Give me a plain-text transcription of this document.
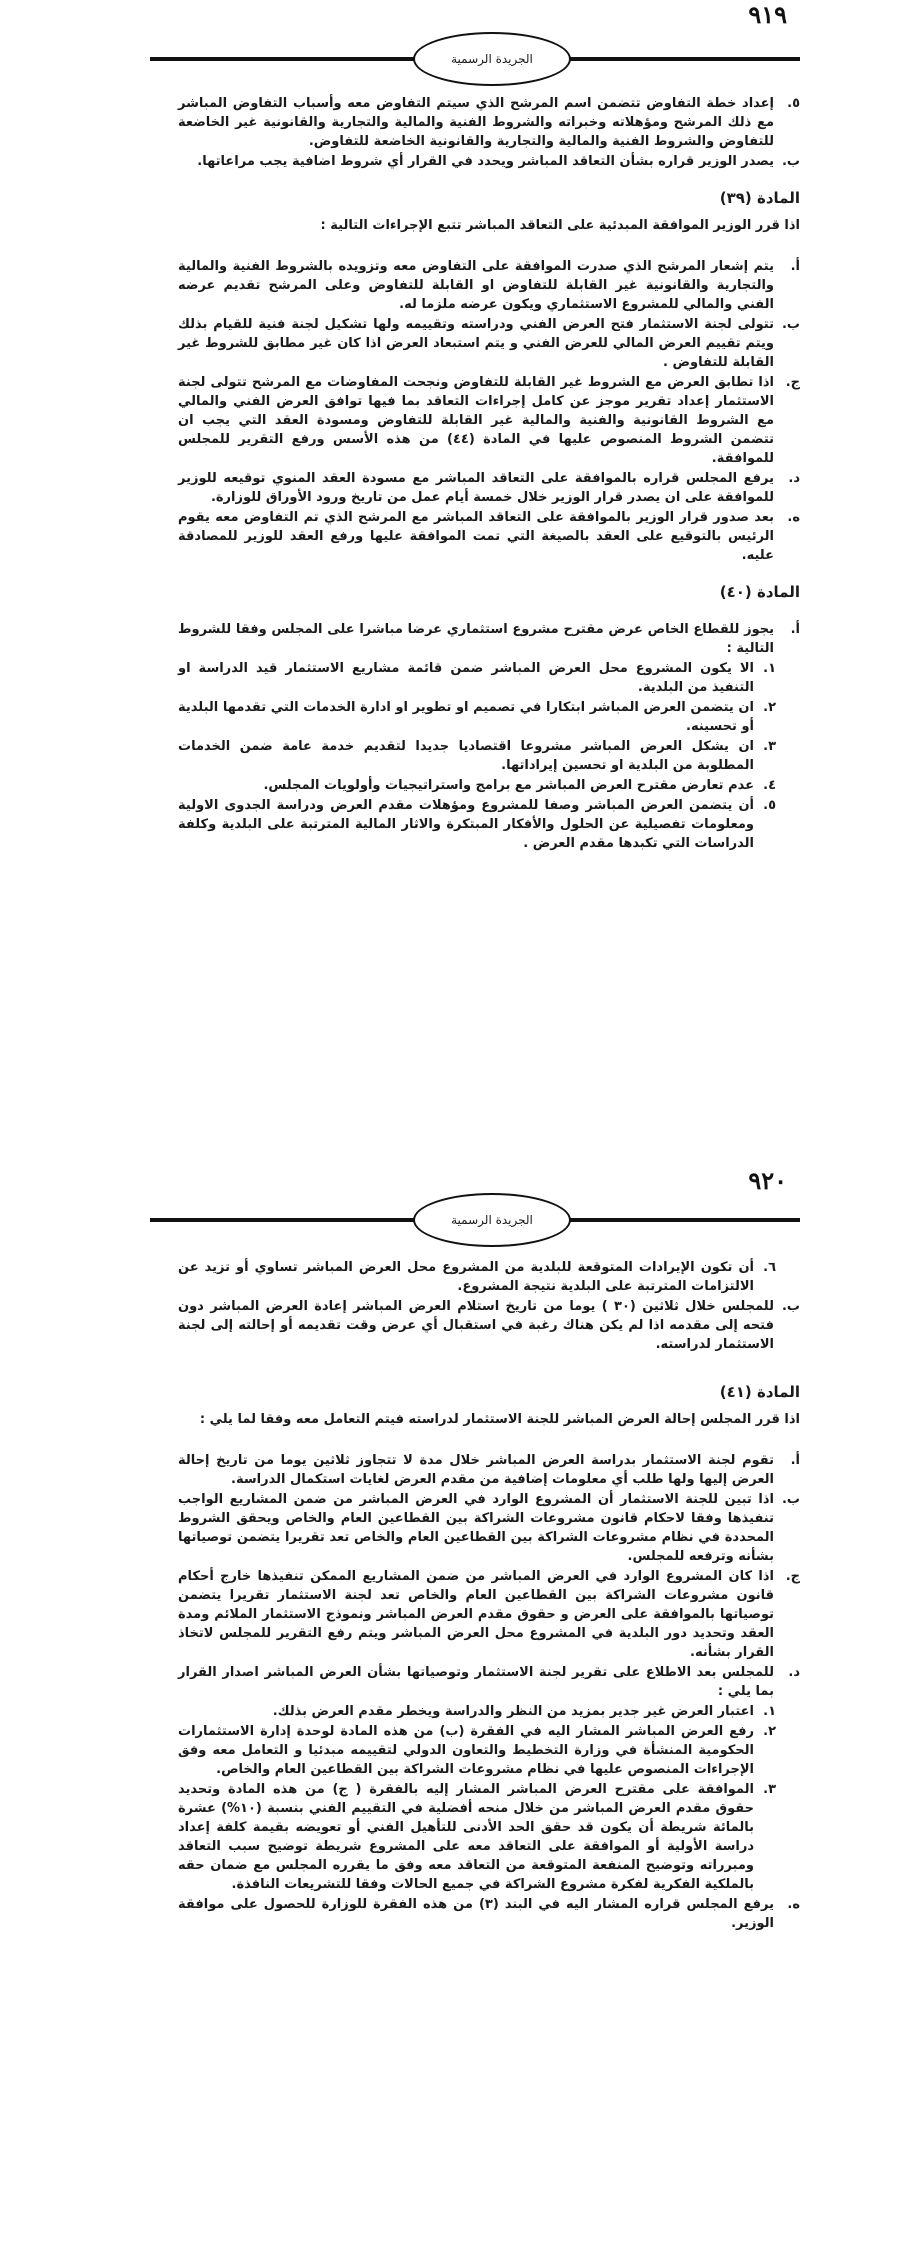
٩١٩
الجريدة الرسمية
٥.
إعداد خطة التفاوض تتضمن اسم المرشح الذي سيتم التفاوض معه وأسباب التفاوض المباشر مع ذلك المرشح ومؤهلاته وخبراته والشروط الفنية والمالية والتجارية والقانونية غير الخاضعة للتفاوض والشروط الفنية والمالية والتجارية والقانونية الخاضعة للتفاوض.
ب.
يصدر الوزير قراره بشأن التعاقد المباشر ويحدد في القرار أي شروط اضافية يجب مراعاتها.
المادة (٣٩)
اذا قرر الوزير الموافقة المبدئية على التعاقد المباشر تتبع الإجراءات التالية :
أ.
يتم إشعار المرشح الذي صدرت الموافقة على التفاوض معه وتزويده بالشروط الفنية والمالية والتجارية والقانونية غير القابلة للتفاوض او القابلة للتفاوض وعلى المرشح تقديم عرضه الفني والمالي للمشروع الاستثماري ويكون عرضه ملزما له.
ب.
تتولى لجنة الاستثمار فتح العرض الفني ودراسته وتقييمه ولها تشكيل لجنة فنية للقيام بذلك ويتم تقييم العرض المالي للعرض الفني و يتم استبعاد العرض اذا كان غير مطابق للشروط غير القابلة للتفاوض .
ج.
اذا تطابق العرض مع الشروط غير القابلة للتفاوض ونجحت المفاوضات مع المرشح تتولى لجنة الاستثمار إعداد تقرير موجز عن كامل إجراءات التعاقد بما فيها توافق العرض الفني والمالي مع الشروط القانونية والفنية والمالية غير القابلة للتفاوض ومسودة العقد التي يجب ان تتضمن الشروط المنصوص عليها في المادة (٤٤) من هذه الأسس ورفع التقرير للمجلس للموافقة.
د.
يرفع المجلس قراره بالموافقة على التعاقد المباشر مع مسودة العقد المنوي توقيعه للوزير للموافقة على ان يصدر قرار الوزير خلال خمسة أيام عمل من تاريخ ورود الأوراق للوزارة.
ه.
بعد صدور قرار الوزير بالموافقة على التعاقد المباشر مع المرشح الذي تم التفاوض معه يقوم الرئيس بالتوقيع على العقد بالصيغة التي تمت الموافقة عليها ورفع العقد للوزير للمصادقة عليه.
المادة (٤٠)
أ.
يجوز للقطاع الخاص عرض مقترح مشروع استثماري عرضا مباشرا على المجلس وفقا للشروط التالية :
١.
الا يكون المشروع محل العرض المباشر ضمن قائمة مشاريع الاستثمار قيد الدراسة او التنفيذ من البلدية.
٢.
ان يتضمن العرض المباشر ابتكارا في تصميم او تطوير او ادارة الخدمات التي تقدمها البلدية أو تحسينه.
٣.
ان يشكل العرض المباشر مشروعا اقتصاديا جديدا لتقديم خدمة عامة ضمن الخدمات المطلوبة من البلدية او تحسين إيراداتها.
٤.
عدم تعارض مقترح العرض المباشر مع برامج واستراتيجيات وأولويات المجلس.
٥.
أن يتضمن العرض المباشر وصفا للمشروع ومؤهلات مقدم العرض ودراسة الجدوى الاولية ومعلومات تفصيلية عن الحلول والأفكار المبتكرة والاثار المالية المترتبة على البلدية وكلفة الدراسات التي تكبدها مقدم العرض .
٩٢٠
الجريدة الرسمية
٦.
أن تكون الإيرادات المتوقعة للبلدية من المشروع محل العرض المباشر تساوي أو تزيد عن الالتزامات المترتبة على البلدية نتيجة المشروع.
ب.
للمجلس خلال ثلاثين (٣٠ ) يوما من تاريخ استلام العرض المباشر إعادة العرض المباشر دون فتحه إلى مقدمه اذا لم يكن هناك رغبة في استقبال أي عرض وقت تقديمه أو إحالته إلى لجنة الاستثمار لدراسته.
المادة (٤١)
اذا قرر المجلس إحالة العرض المباشر للجنة الاستثمار لدراسته فيتم التعامل معه وفقا لما يلي :
أ.
تقوم لجنة الاستثمار بدراسة العرض المباشر خلال مدة لا تتجاوز ثلاثين يوما من تاريخ إحالة العرض إليها ولها طلب أي معلومات إضافية من مقدم العرض لغايات استكمال الدراسة.
ب.
اذا تبين للجنة الاستثمار أن المشروع الوارد في العرض المباشر من ضمن المشاريع الواجب تنفيذها وفقا لاحكام قانون مشروعات الشراكة بين القطاعين العام والخاص ويحقق الشروط المحددة في نظام مشروعات الشراكة بين القطاعين العام والخاص تعد تقريرا يتضمن توصياتها بشأنه وترفعه للمجلس.
ج.
اذا كان المشروع الوارد في العرض المباشر من ضمن المشاريع الممكن تنفيذها خارج أحكام قانون مشروعات الشراكة بين القطاعين العام والخاص تعد لجنة الاستثمار تقريرا يتضمن توصياتها بالموافقة على العرض و حقوق مقدم العرض المباشر ونموذج الاستثمار الملائم ومدة العقد وتحديد دور البلدية في المشروع محل العرض المباشر ويتم رفع التقرير للمجلس لاتخاذ القرار بشأنه.
د.
للمجلس بعد الاطلاع على تقرير لجنة الاستثمار وتوصياتها بشأن العرض المباشر اصدار القرار بما يلي :
١.
اعتبار العرض غير جدير بمزيد من النظر والدراسة ويخطر مقدم العرض بذلك.
٢.
رفع العرض المباشر المشار اليه في الفقرة (ب) من هذه المادة لوحدة إدارة الاستثمارات الحكومية المنشأة في وزارة التخطيط والتعاون الدولي لتقييمه مبدئيا و التعامل معه وفق الإجراءات المنصوص عليها في نظام مشروعات الشراكة بين القطاعين العام والخاص.
٣.
الموافقة على مقترح العرض المباشر المشار إليه بالفقرة ( ج) من هذه المادة وتحديد حقوق مقدم العرض المباشر من خلال منحه أفضلية في التقييم الفني بنسبة (١٠%) عشرة بالمائة شريطة أن يكون قد حقق الحد الأدنى للتأهيل الفني أو تعويضه بقيمة كلفة إعداد دراسة الأولية أو الموافقة على التعاقد معه على المشروع شريطة توضيح سبب التعاقد ومبرراته وتوضيح المنفعة المتوقعة من التعاقد معه وفق ما يقرره المجلس مع ضمان حقه بالملكية الفكرية لفكرة مشروع الشراكة في جميع الحالات وفقا للتشريعات النافذة.
ه.
يرفع المجلس قراره المشار اليه في البند (٣) من هذه الفقرة للوزارة للحصول على موافقة الوزير.
